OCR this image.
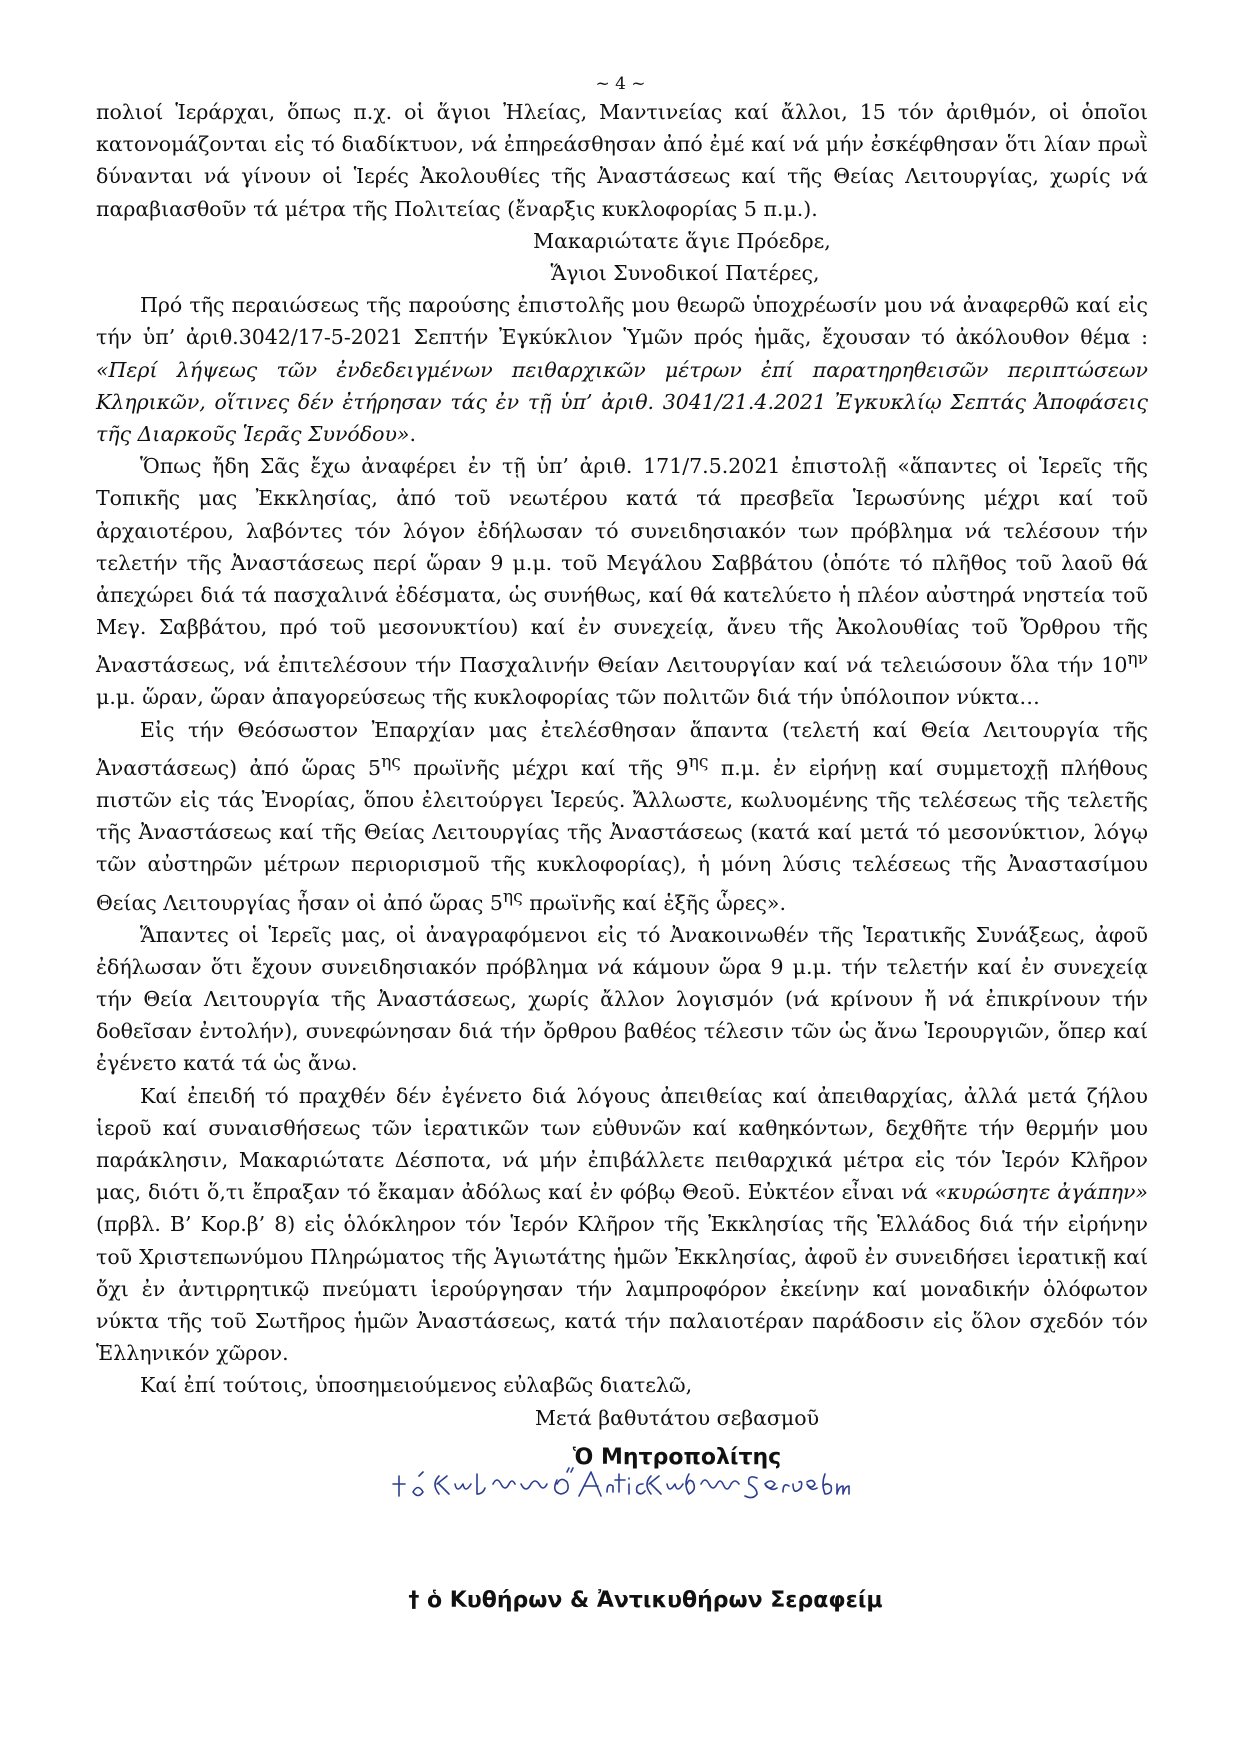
~ 4 ~

πολιοί Ἱεράρχαι, ὅπως π.χ. οἱ ἅγιοι Ἠλείας, Μαντινείας καί ἄλλοι, 15 τόν ἀριθμόν, οἱ ὁποῖοι κατονομάζονται εἰς τό διαδίκτυον, νά ἐπηρεάσθησαν ἀπό ἐμέ καί νά μήν ἐσκέφθησαν ὅτι λίαν πρωῒ δύνανται νά γίνουν οἱ Ἱερές Ἀκολουθίες τῆς Ἀναστάσεως καί τῆς Θείας Λειτουργίας, χωρίς νά παραβιασθοῦν τά μέτρα τῆς Πολιτείας (ἔναρξις κυκλοφορίας 5 π.μ.).

Μακαριώτατε ἅγιε Πρόεδρε,

Ἅγιοι Συνοδικοί Πατέρες,

Πρό τῆς περαιώσεως τῆς παρούσης ἐπιστολῆς μου θεωρῶ ὑποχρέωσίν μου νά ἀναφερθῶ καί εἰς τήν ὑπ’ ἀριθ.3042/17-5-2021 Σεπτήν Ἐγκύκλιον Ὑμῶν πρός ἡμᾶς, ἔχουσαν τό ἀκόλουθον θέμα : «Περί λήψεως τῶν ἐνδεδειγμένων πειθαρχικῶν μέτρων ἐπί παρατηρηθεισῶν περιπτώσεων Κληρικῶν, οἵτινες δέν ἐτήρησαν τάς ἐν τῇ ὑπ’ ἀριθ. 3041/21.4.2021 Ἐγκυκλίῳ Σεπτάς Ἀποφάσεις τῆς Διαρκοῦς Ἱερᾶς Συνόδου».

Ὅπως ἤδη Σᾶς ἔχω ἀναφέρει ἐν τῇ ὑπ’ ἀριθ. 171/7.5.2021 ἐπιστολῇ «ἅπαντες οἱ Ἱερεῖς τῆς Τοπικῆς μας Ἐκκλησίας, ἀπό τοῦ νεωτέρου κατά τά πρεσβεῖα Ἱερωσύνης μέχρι καί τοῦ ἀρχαιοτέρου, λαβόντες τόν λόγον ἐδήλωσαν τό συνειδησιακόν των πρόβλημα νά τελέσουν τήν τελετήν τῆς Ἀναστάσεως περί ὥραν 9 μ.μ. τοῦ Μεγάλου Σαββάτου (ὁπότε τό πλῆθος τοῦ λαοῦ θά ἀπεχώρει διά τά πασχαλινά ἐδέσματα, ὡς συνήθως, καί θά κατελύετο ἡ πλέον αὐστηρά νηστεία τοῦ Μεγ. Σαββάτου, πρό τοῦ μεσονυκτίου) καί ἐν συνεχείᾳ, ἄνευ τῆς Ἀκολουθίας τοῦ Ὄρθρου τῆς Ἀναστάσεως, νά ἐπιτελέσουν τήν Πασχαλινήν Θείαν Λειτουργίαν καί νά τελειώσουν ὅλα τήν $10^{\eta\nu}$ μ.μ. ὥραν, ὥραν ἀπαγορεύσεως τῆς κυκλοφορίας τῶν πολιτῶν διά τήν ὑπόλοιπον νύκτα…

Εἰς τήν Θεόσωστον Ἐπαρχίαν μας ἐτελέσθησαν ἅπαντα (τελετή καί Θεία Λειτουργία τῆς Ἀναστάσεως) ἀπό ὥρας $5^{\eta\varsigma}$ πρωϊνῆς μέχρι καί τῆς $9^{\eta\varsigma}$ π.μ. ἐν εἰρήνῃ καί συμμετοχῇ πλήθους πιστῶν εἰς τάς Ἐνορίας, ὅπου ἐλειτούργει Ἱερεύς. Ἄλλωστε, κωλυομένης τῆς τελέσεως τῆς τελετῆς τῆς Ἀναστάσεως καί τῆς Θείας Λειτουργίας τῆς Ἀναστάσεως (κατά καί μετά τό μεσονύκτιον, λόγῳ τῶν αὐστηρῶν μέτρων περιορισμοῦ τῆς κυκλοφορίας), ἡ μόνη λύσις τελέσεως τῆς Ἀναστασίμου Θείας Λειτουργίας ἦσαν οἱ ἀπό ὥρας $5^{\eta\varsigma}$ πρωϊνῆς καί ἑξῆς ὧρες».

Ἅπαντες οἱ Ἱερεῖς μας, οἱ ἀναγραφόμενοι εἰς τό Ἀνακοινωθέν τῆς Ἱερατικῆς Συνάξεως, ἀφοῦ ἐδήλωσαν ὅτι ἔχουν συνειδησιακόν πρόβλημα νά κάμουν ὥρα 9 μ.μ. τήν τελετήν καί ἐν συνεχείᾳ τήν Θεία Λειτουργία τῆς Ἀναστάσεως, χωρίς ἄλλον λογισμόν (νά κρίνουν ἤ νά ἐπικρίνουν τήν δοθεῖσαν ἐντολήν), συνεφώνησαν διά τήν ὄρθρου βαθέος τέλεσιν τῶν ὡς ἄνω Ἱερουργιῶν, ὅπερ καί ἐγένετο κατά τά ὡς ἄνω.

Καί ἐπειδή τό πραχθέν δέν ἐγένετο διά λόγους ἀπειθείας καί ἀπειθαρχίας, ἀλλά μετά ζήλου ἱεροῦ καί συναισθήσεως τῶν ἱερατικῶν των εὐθυνῶν καί καθηκόντων, δεχθῆτε τήν θερμήν μου παράκλησιν, Μακαριώτατε Δέσποτα, νά μήν ἐπιβάλλετε πειθαρχικά μέτρα εἰς τόν Ἱερόν Κλῆρον μας, διότι ὅ,τι ἔπραξαν τό ἔκαμαν ἀδόλως καί ἐν φόβῳ Θεοῦ. Εὐκτέον εἶναι νά «κυρώσητε ἀγάπην» (πρβλ. Β’ Κορ.β’ 8) εἰς ὁλόκληρον τόν Ἱερόν Κλῆρον τῆς Ἐκκλησίας τῆς Ἑλλάδος διά τήν εἰρήνην τοῦ Χριστεπωνύμου Πληρώματος τῆς Ἁγιωτάτης ἡμῶν Ἐκκλησίας, ἀφοῦ ἐν συνειδήσει ἱερατικῇ καί ὄχι ἐν ἀντιρρητικῷ πνεύματι ἱερούργησαν τήν λαμπροφόρον ἐκείνην καί μοναδικήν ὁλόφωτον νύκτα τῆς τοῦ Σωτῆρος ἡμῶν Ἀναστάσεως, κατά τήν παλαιοτέραν παράδοσιν εἰς ὅλον σχεδόν τόν Ἑλληνικόν χῶρον.

Καί ἐπί τούτοις, ὑποσημειούμενος εὐλαβῶς διατελῶ,

Μετά βαθυτάτου σεβασμοῦ

Ὁ Μητροπολίτης

† ὁ Κυθήρων & Ἀντικυθήρων Σεραφείμ
